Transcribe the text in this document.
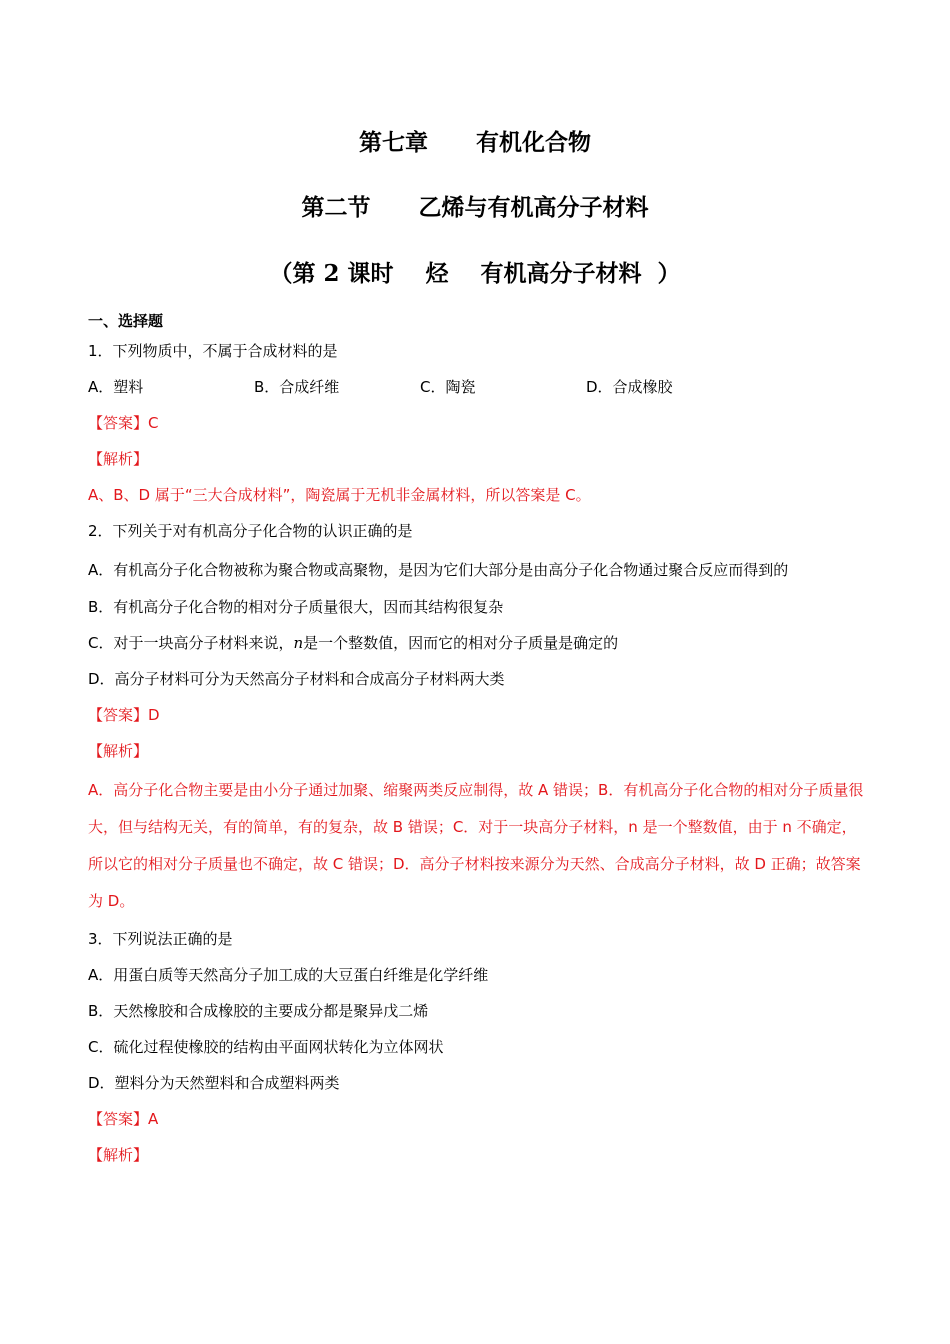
第七章      有机化合物
第二节      乙烯与有机高分子材料
（第 2 课时    烃    有机高分子材料  ）
一、选择题
1．下列物质中，不属于合成材料的是
A．塑料	B．合成纤维	C．陶瓷	D．合成橡胶
【答案】C
【解析】
A、B、D 属于“三大合成材料”，陶瓷属于无机非金属材料，所以答案是 C。
2．下列关于对有机高分子化合物的认识正确的是
A．有机高分子化合物被称为聚合物或高聚物，是因为它们大部分是由高分子化合物通过聚合反应而得到的
B．有机高分子化合物的相对分子质量很大，因而其结构很复杂
C．对于一块高分子材料来说，n是一个整数值，因而它的相对分子质量是确定的
D．高分子材料可分为天然高分子材料和合成高分子材料两大类
【答案】D
【解析】
A．高分子化合物主要是由小分子通过加聚、缩聚两类反应制得，故 A 错误；B．有机高分子化合物的相对分子质量很大，但与结构无关，有的简单，有的复杂，故 B 错误；C．对于一块高分子材料，n 是一个整数值，由于 n 不确定，所以它的相对分子质量也不确定，故 C 错误；D．高分子材料按来源分为天然、合成高分子材料，故 D 正确；故答案为 D。
3．下列说法正确的是
A．用蛋白质等天然高分子加工成的大豆蛋白纤维是化学纤维
B．天然橡胶和合成橡胶的主要成分都是聚异戊二烯
C．硫化过程使橡胶的结构由平面网状转化为立体网状
D．塑料分为天然塑料和合成塑料两类
【答案】A
【解析】
